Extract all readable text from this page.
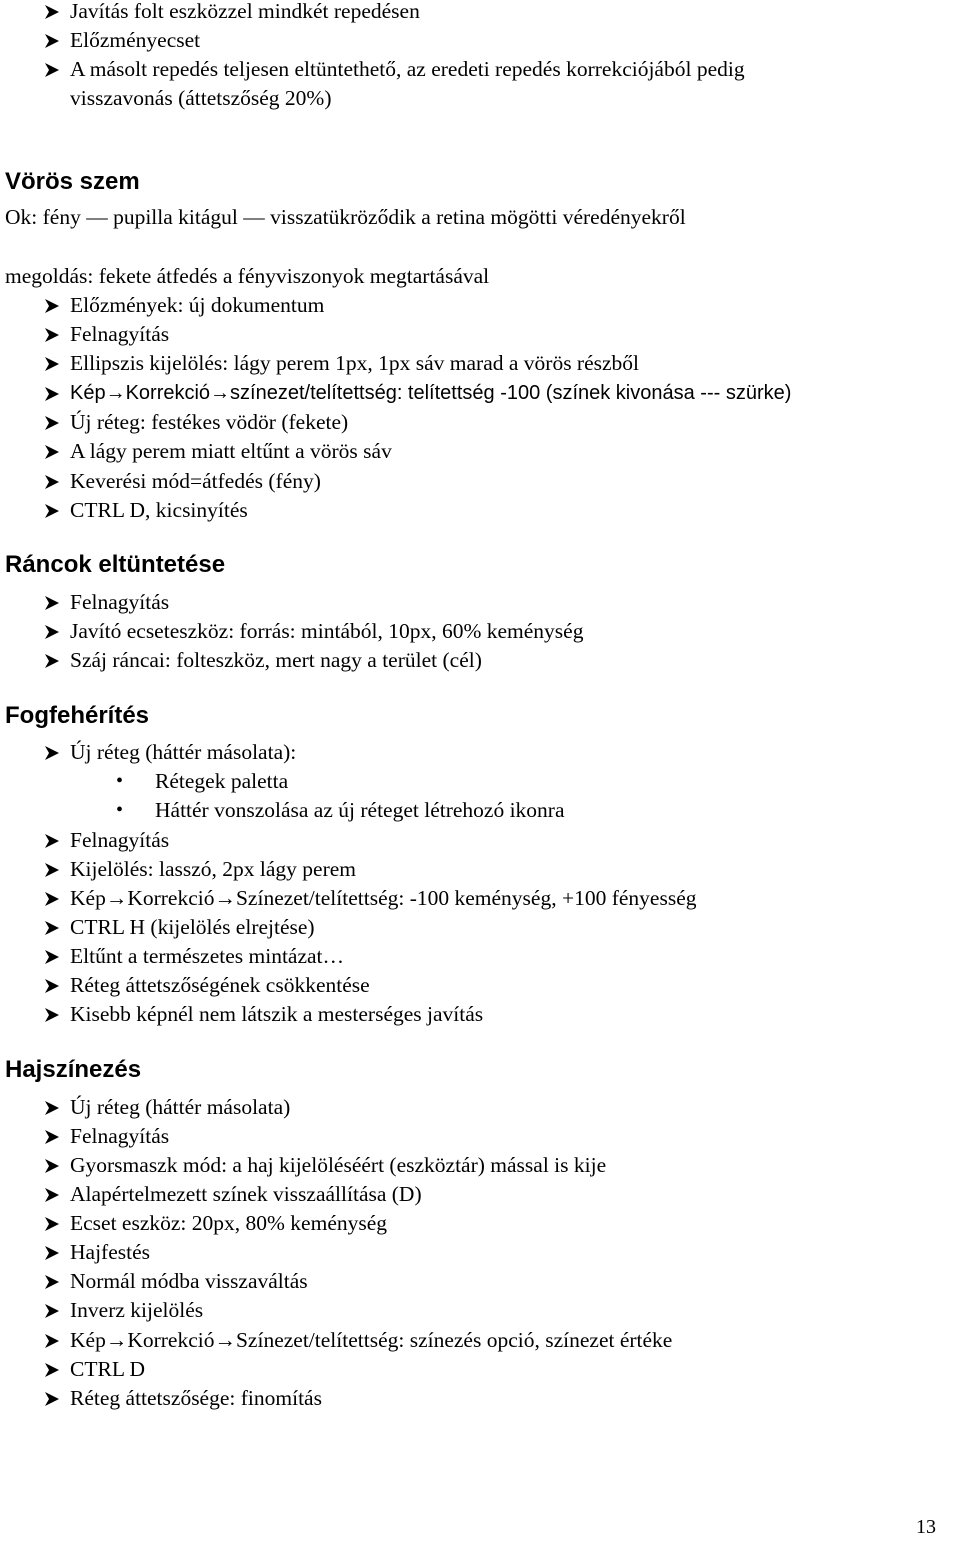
Javítás folt eszközzel mindkét repedésen
Előzményecset
A másolt repedés teljesen eltüntethető, az eredeti repedés korrekciójából pedig
visszavonás (áttetszőség 20%)
Vörös szem
Ok: fény — pupilla kitágul — visszatükröződik a retina mögötti véredényekről
megoldás: fekete átfedés a fényviszonyok megtartásával
Előzmények: új dokumentum
Felnagyítás
Ellipszis kijelölés: lágy perem 1px, 1px sáv marad a vörös részből
Kép→Korrekció→színezet/telítettség: telítettség -100 (színek kivonása --- szürke)
Új réteg: festékes vödör (fekete)
A lágy perem miatt eltűnt a vörös sáv
Keverési mód=átfedés (fény)
CTRL D, kicsinyítés
Ráncok eltüntetése
Felnagyítás
Javító ecseteszköz: forrás: mintából, 10px, 60% keménység
Száj ráncai: folteszköz, mert nagy a terület (cél)
Fogfehérítés
Új réteg (háttér másolata):
• Rétegek paletta
• Háttér vonszolása az új réteget létrehozó ikonra
Felnagyítás
Kijelölés: lasszó, 2px lágy perem
Kép→Korrekció→Színezet/telítettség: -100 keménység, +100 fényesség
CTRL H (kijelölés elrejtése)
Eltűnt a természetes mintázat…
Réteg áttetszőségének csökkentése
Kisebb képnél nem látszik a mesterséges javítás
Hajszínezés
Új réteg (háttér másolata)
Felnagyítás
Gyorsmaszk mód: a haj kijelöléséért (eszköztár) mással is kije
Alapértelmezett színek visszaállítása (D)
Ecset eszköz: 20px, 80% keménység
Hajfestés
Normál módba visszaváltás
Inverz kijelölés
Kép→Korrekció→Színezet/telítettség: színezés opció, színezet értéke
CTRL D
Réteg áttetszősége: finomítás
13
